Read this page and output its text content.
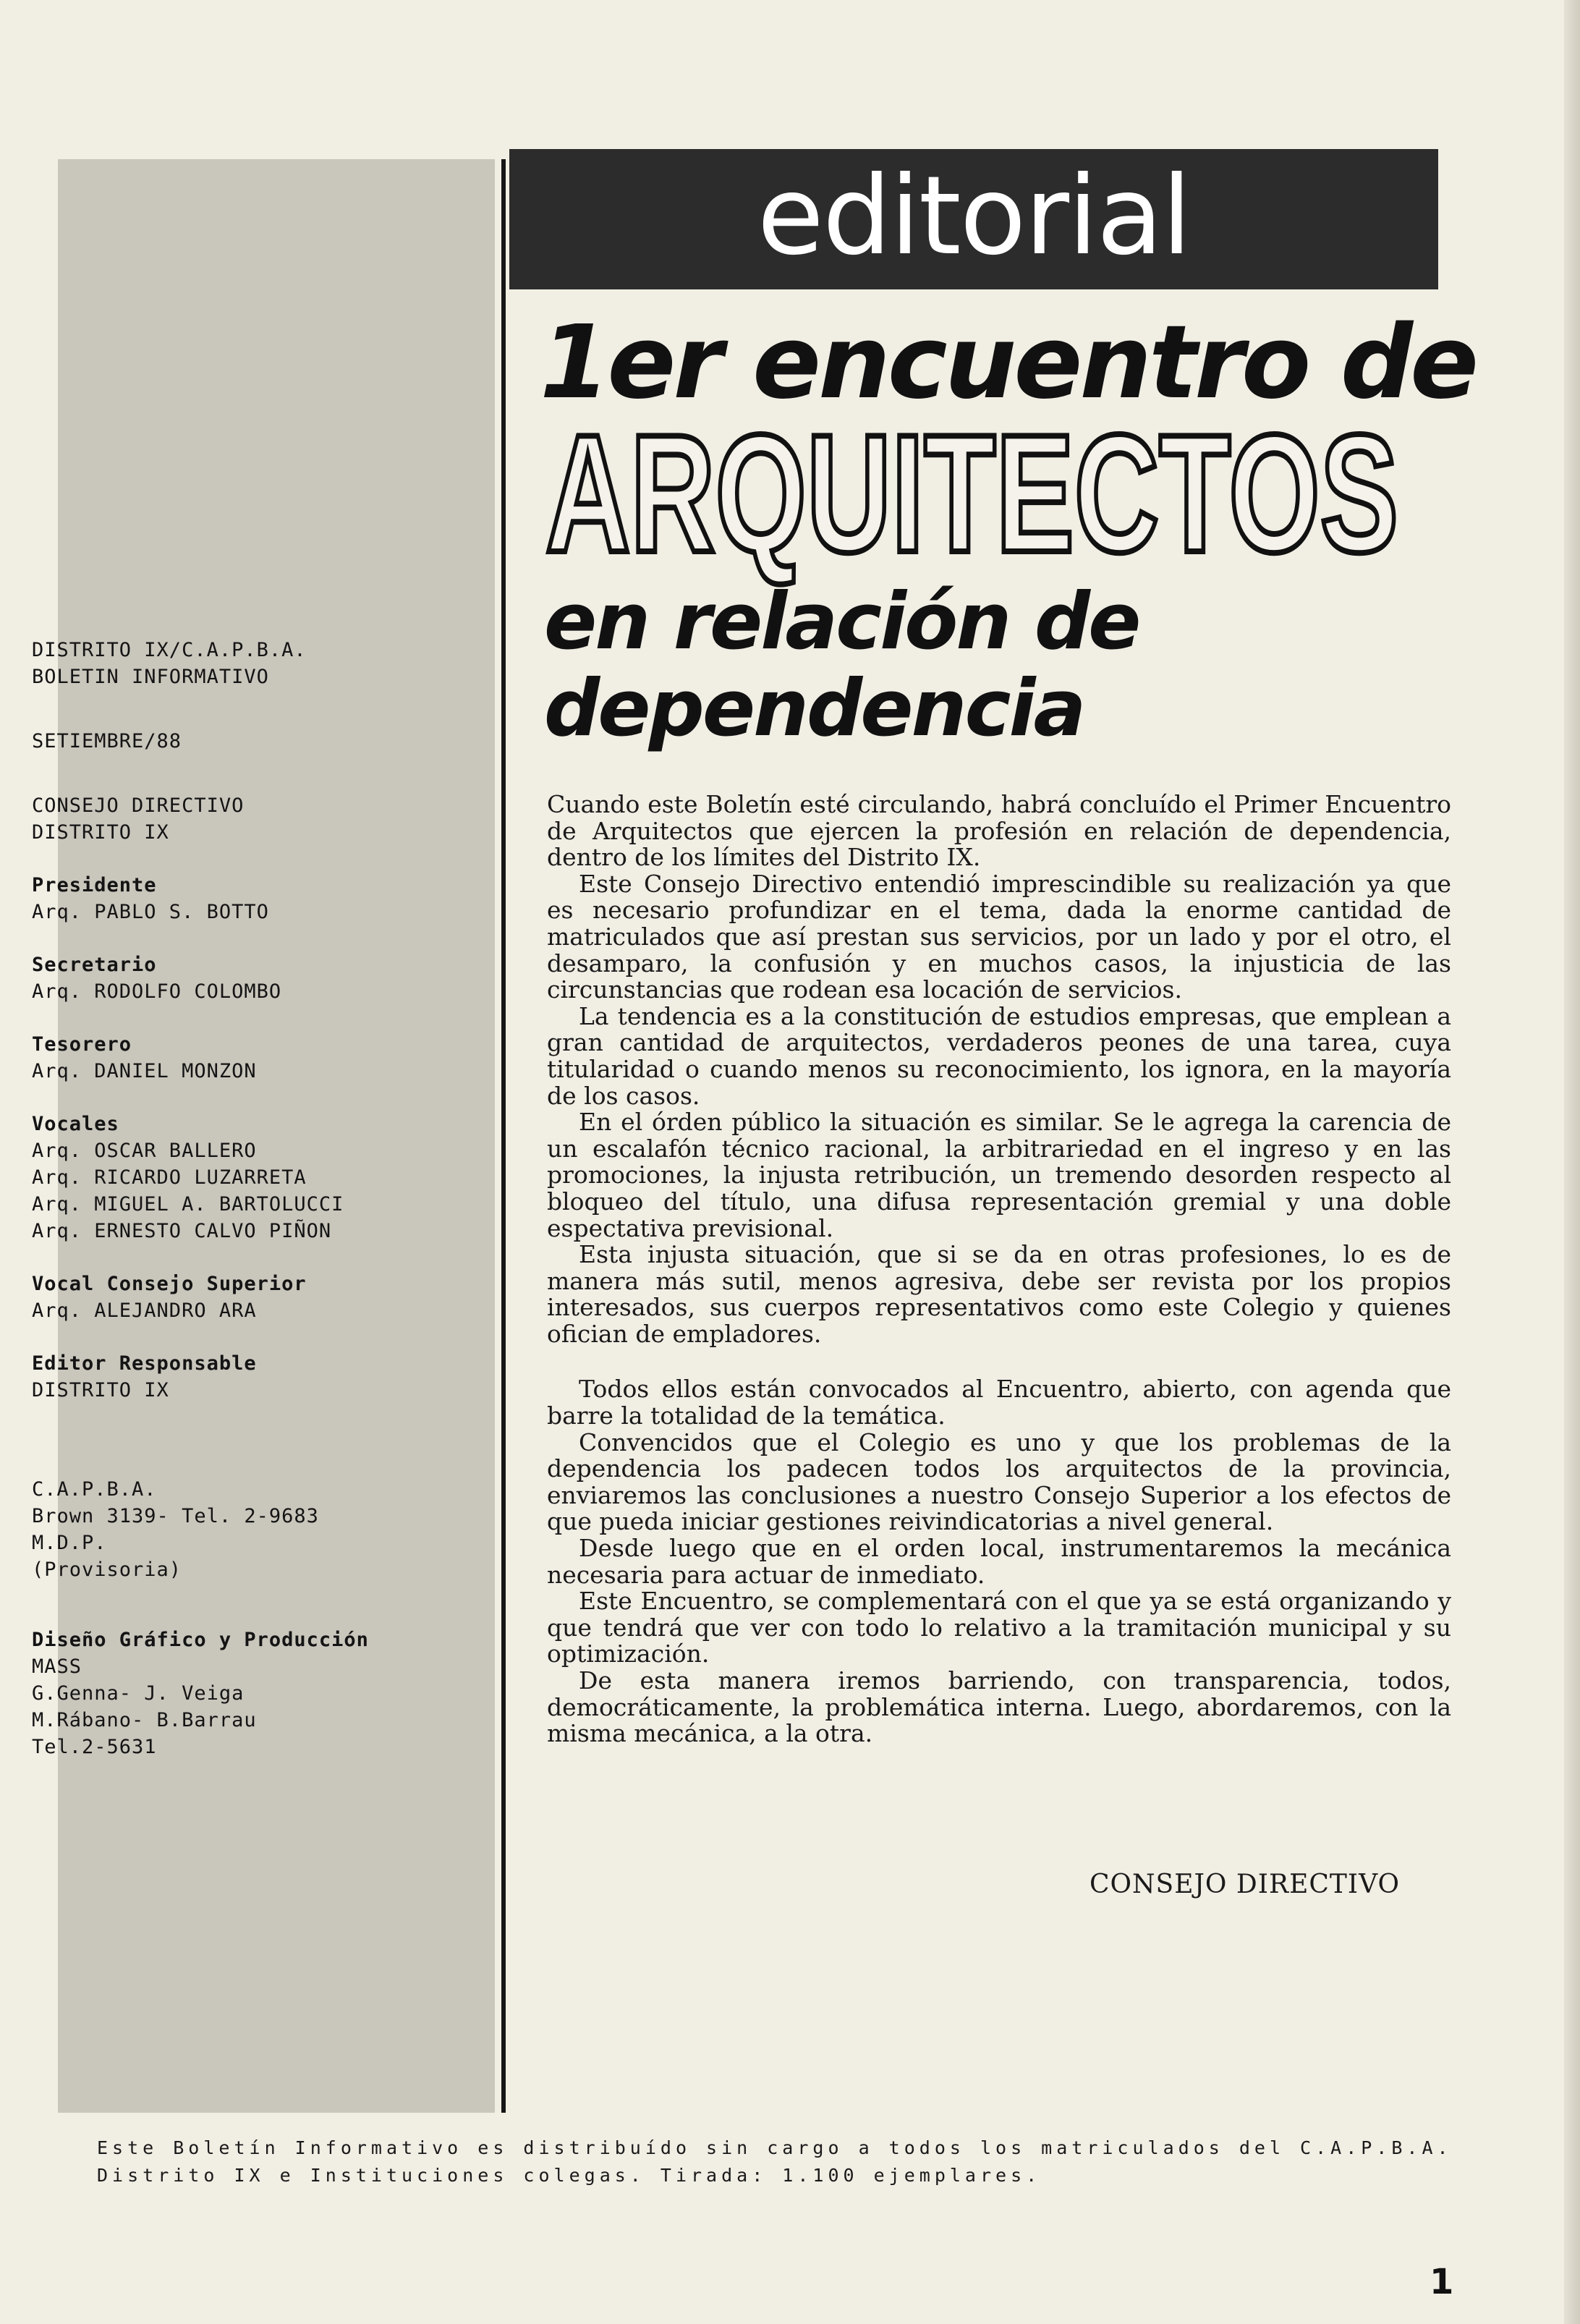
DISTRITO IX/C.A.P.B.A.
BOLETIN INFORMATIVO
SETIEMBRE/88
CONSEJO DIRECTIVO
DISTRITO IX
Presidente
Arq. PABLO S. BOTTO
Secretario
Arq. RODOLFO COLOMBO
Tesorero
Arq. DANIEL MONZON
Vocales
Arq. OSCAR BALLERO
Arq. RICARDO LUZARRETA
Arq. MIGUEL A. BARTOLUCCI
Arq. ERNESTO CALVO PIÑON
Vocal Consejo Superior
Arq. ALEJANDRO ARA
Editor Responsable
DISTRITO IX
C.A.P.B.A.
Brown 3139- Tel. 2-9683
M.D.P.
(Provisoria)
Diseño Gráfico y Producción
MASS
G.Genna- J. Veiga
M.Rábano- B.Barrau
Tel.2-5631
editorial
1er encuentro de
ARQUITECTOS
en relación de dependencia

Cuando este Boletín esté circulando, habrá concluído el Primer Encuentro de Arquitectos que ejercen la profesión en relación de dependencia, dentro de los límites del Distrito IX.

Este Consejo Directivo entendió imprescindible su realización ya que es necesario profundizar en el tema, dada la enorme cantidad de matriculados que así prestan sus servicios, por un lado y por el otro, el desamparo, la confusión y en muchos casos, la injusticia de las circunstancias que rodean esa locación de servicios.

La tendencia es a la constitución de estudios empresas, que emplean a gran cantidad de arquitectos, verdaderos peones de una tarea, cuya titularidad o cuando menos su reconocimiento, los ignora, en la mayoría de los casos.

En el órden público la situación es similar. Se le agrega la carencia de un escalafón técnico racional, la arbitrariedad en el ingreso y en las promociones, la injusta retribución, un tremendo desorden respecto al bloqueo del título, una difusa representación gremial y una doble espectativa previsional.

Esta injusta situación, que si se da en otras profesiones, lo es de manera más sutil, menos agresiva, debe ser revista por los propios interesados, sus cuerpos representativos como este Colegio y quienes ofician de empladores.

Todos ellos están convocados al Encuentro, abierto, con agenda que barre la totalidad de la temática.

Convencidos que el Colegio es uno y que los problemas de la dependencia los padecen todos los arquitectos de la provincia, enviaremos las conclusiones a nuestro Consejo Superior a los efectos de que pueda iniciar gestiones reivindicatorias a nivel general.

Desde luego que en el orden local, instrumentaremos la mecánica necesaria para actuar de inmediato.

Este Encuentro, se complementará con el que ya se está organizando y que tendrá que ver con todo lo relativo a la tramitación municipal y su optimización.

De esta manera iremos barriendo, con transparencia, todos, democráticamente, la problemática interna. Luego, abordaremos, con la misma mecánica, a la otra.

CONSEJO DIRECTIVO
Este Boletín Informativo es distribuído sin cargo a todos los matriculados del C.A.P.B.A. Distrito IX e Instituciones colegas. Tirada: 1.100 ejemplares.
1
